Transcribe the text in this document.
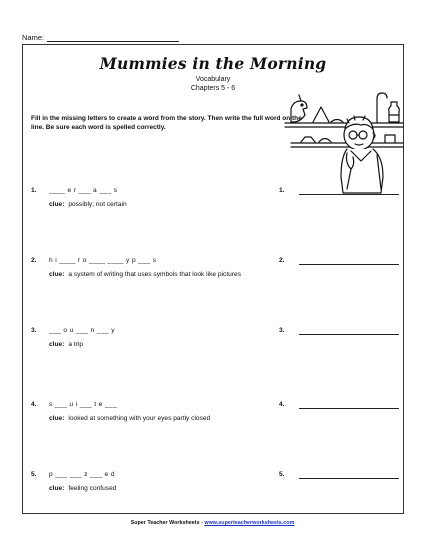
Name:
Mummies in the Morning
Vocabulary
Chapters 5 - 6
Fill in the missing letters to create a word from the story. Then write the full word on the line. Be sure each word is spelled correctly.
1. ____ e r ___ a ___ s
clue: possibly; not certain
1.
2. h i ____ r o ____ ____ y p ___ s
clue: a system of writing that uses symbols that look like pictures
2.
3. ___ o u ___ n ___ y
clue: a trip
3.
4. s ___ u i ___ t e ___
clue: looked at something with your eyes partly closed
4.
5. p ___ ___ z ___ e d
clue: feeling confused
5.
Super Teacher Worksheets - www.superteacherworksheets.com
